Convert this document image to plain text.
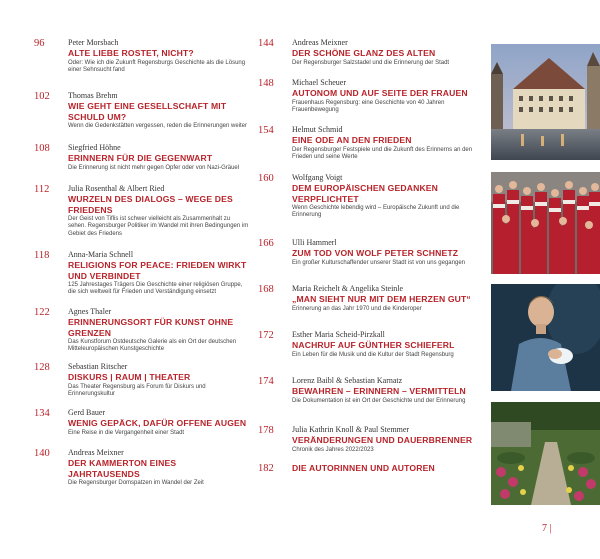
96	Peter Morsbach
ALTE LIEBE ROSTET, NICHT?
Oder: Wie ich die Zukunft Regensburgs Geschichte als die Lösung einer Sehnsucht fand
102	Thomas Brehm
WIE GEHT EINE GESELLSCHAFT MIT SCHULD UM?
Wenn die Gedenkstätten vergessen, reden die Erinnerungen weiter
108	Siegfried Höhne
ERINNERN FÜR DIE GEGENWART
Die Erinnerung ist nicht mehr gegen Opfer oder von Nazi-Gräuel
112	Julia Rosenthal & Albert Ried
WURZELN DES DIALOGS – WEGE DES FRIEDENS
Der Geist von Tiflis ist schwer vielleicht als Zusammenhalt zu sehen. Regensburger Politiker im Wandel mit ihren Bedingungen im Gebiet des Friedens
118	Anna-Maria Schnell
RELIGIONS FOR PEACE: FRIEDEN WIRKT UND VERBINDET
125 Jahrestages Trägers Die Geschichte einer religiösen Gruppe, die sich weltweit für Frieden und Verständigung einsetzt
122	Agnes Thaler
ERINNERUNGSORT FÜR KUNST OHNE GRENZEN
Das Kunstforum Ostdeutsche Galerie als ein Ort der deutschen Mitteleuropäischen Kunstgeschichte
128	Sebastian Ritscher
DISKURS | RAUM | THEATER
Das Theater Regensburg als Forum für Diskurs und Erinnerungskultur
134	Gerd Bauer
WENIG GEPÄCK, DAFÜR OFFENE AUGEN
Eine Reise in die Vergangenheit einer Stadt
140	Andreas Meixner
DER KAMMERTON EINES JAHRTAUSENDS
Die Regensburger Domspatzen im Wandel der Zeit
144	Andreas Meixner
DER SCHÖNE GLANZ DES ALTEN
Der Regensburger Salzstadel und die Erinnerung der Stadt
148	Michael Scheuer
AUTONOM UND AUF SEITE DER FRAUEN
Frauenhaus Regensburg: eine Geschichte von 40 Jahren Frauenbewegung
154	Helmut Schmid
EINE ODE AN DEN FRIEDEN
Der Regensburger Festspiele und die Zukunft des Erinnerns an den Frieden und seine Werte
160	Wolfgang Voigt
DEM EUROPÄISCHEN GEDANKEN VERPFLICHTET
Wenn Geschichte lebendig wird – Europäische Zukunft und die Erinnerung
166	Ulli Hammerl
ZUM TOD VON WOLF PETER SCHNETZ
Ein großer Kulturschaffender unserer Stadt ist von uns gegangen
168	Maria Reichelt & Angelika Steinle
„MAN SIEHT NUR MIT DEM HERZEN GUT“
Erinnerung an das Jahr 1970 und die Kinderoper
172	Esther Maria Scheid-Pirzkall
NACHRUF AUF GÜNTHER SCHIEFERL
Ein Leben für die Musik und die Kultur der Stadt Regensburg
174	Lorenz Baibl & Sebastian Karnatz
BEWAHREN – ERINNERN – VERMITTELN
Die Dokumentation ist ein Ort der Geschichte und der Erinnerung
178	Julia Kathrin Knoll & Paul Stemmer
VERÄNDERUNGEN UND DAUERBRENNER
Chronik des Jahres 2022/2023
182	DIE AUTORINNEN UND AUTOREN
7 |
